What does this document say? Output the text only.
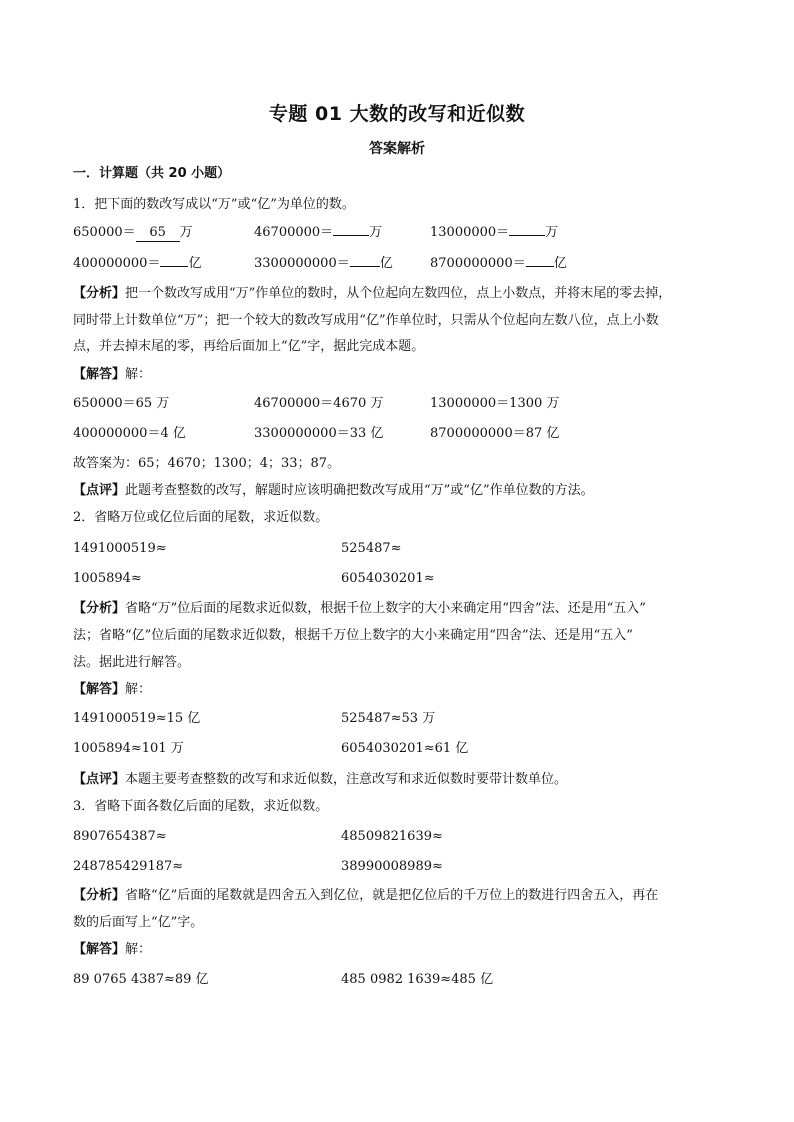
专题 01 大数的改写和近似数
答案解析
一．计算题（共 20 小题）
1．把下面的数改写成以“万”或“亿”为单位的数。
650000＝ 65 万	46700000＝	万	13000000＝	万
400000000＝ 亿	3300000000＝ 亿	8700000000＝ 亿
【分析】把一个数改写成用“万”作单位的数时，从个位起向左数四位，点上小数点，并将末尾的零去掉，
同时带上计数单位“万”；把一个较大的数改写成用“亿”作单位时，只需从个位起向左数八位，点上小数
点，并去掉末尾的零，再给后面加上“亿”字，据此完成本题。
【解答】解：
650000＝65 万	46700000＝4670 万	13000000＝1300 万
400000000＝4 亿	3300000000＝33 亿	8700000000＝87 亿
故答案为：65；4670；1300；4；33；87。
【点评】此题考查整数的改写，解题时应该明确把数改写成用“万”或“亿”作单位数的方法。
2．省略万位或亿位后面的尾数，求近似数。
1491000519≈	525487≈
1005894≈	6054030201≈
【分析】省略“万”位后面的尾数求近似数，根据千位上数字的大小来确定用“四舍”法、还是用“五入”
法；省略“亿”位后面的尾数求近似数，根据千万位上数字的大小来确定用“四舍”法、还是用“五入”
法。据此进行解答。
【解答】解：
1491000519≈15 亿	525487≈53 万
1005894≈101 万	6054030201≈61 亿
【点评】本题主要考查整数的改写和求近似数，注意改写和求近似数时要带计数单位。
3．省略下面各数亿后面的尾数，求近似数。
8907654387≈	48509821639≈
248785429187≈	38990008989≈
【分析】省略“亿”后面的尾数就是四舍五入到亿位，就是把亿位后的千万位上的数进行四舍五入，再在
数的后面写上“亿”字。
【解答】解：
89 0765 4387≈89 亿	485 0982 1639≈485 亿
